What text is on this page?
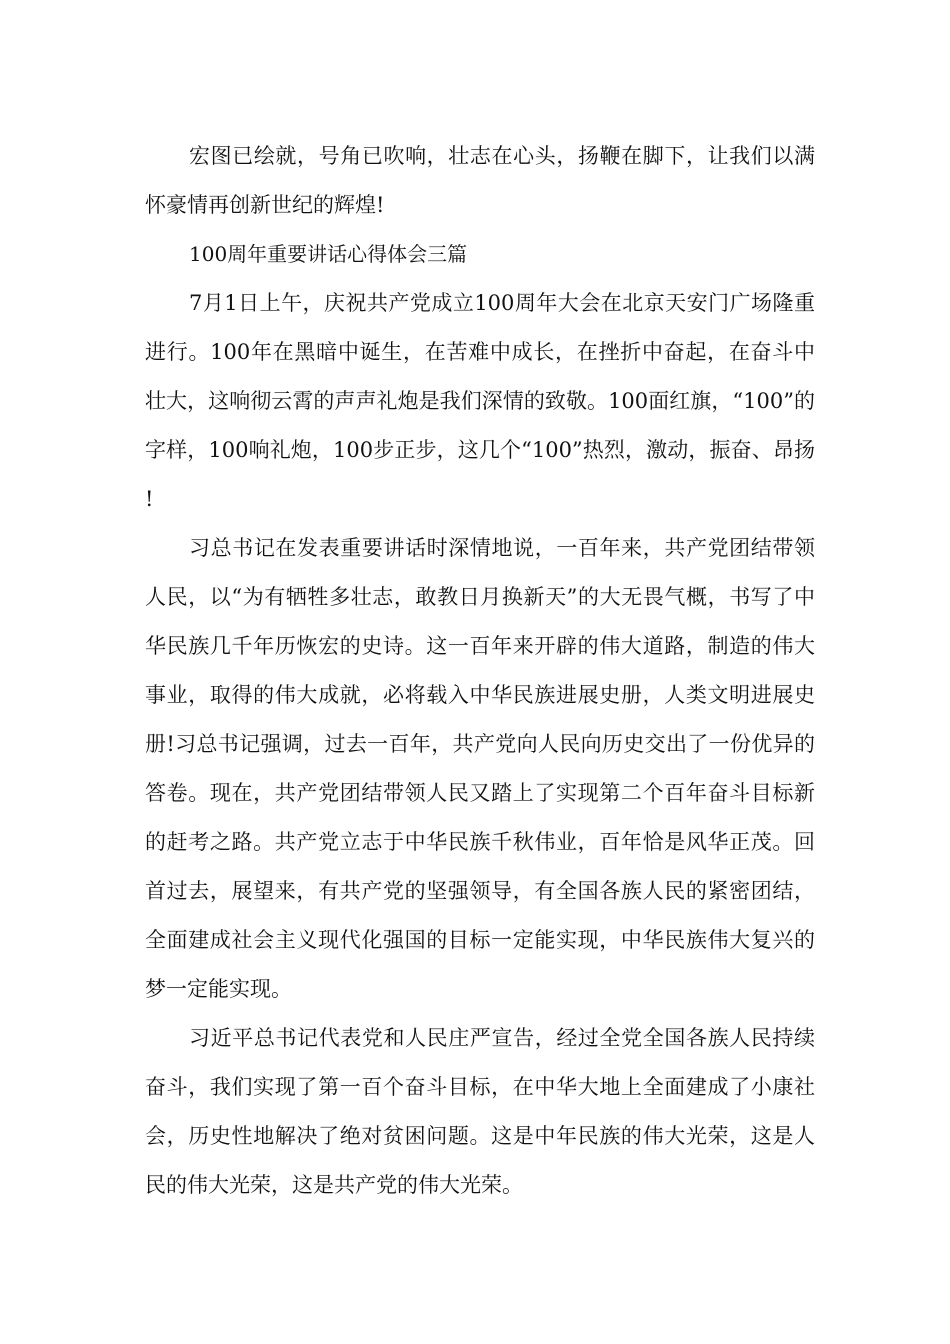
宏图已绘就，号角已吹响，壮志在心头，扬鞭在脚下，让我们以满怀豪情再创新世纪的辉煌!

100周年重要讲话心得体会三篇

7月1日上午，庆祝共产党成立100周年大会在北京天安门广场隆重进行。100年在黑暗中诞生，在苦难中成长，在挫折中奋起，在奋斗中壮大，这响彻云霄的声声礼炮是我们深情的致敬。100面红旗，“100”的字样，100响礼炮，100步正步，这几个“100”热烈，激动，振奋、昂扬!

习总书记在发表重要讲话时深情地说，一百年来，共产党团结带领人民，以“为有牺牲多壮志，敢教日月换新天”的大无畏气概，书写了中华民族几千年历恢宏的史诗。这一百年来开辟的伟大道路，制造的伟大事业，取得的伟大成就，必将载入中华民族进展史册，人类文明进展史册!习总书记强调，过去一百年，共产党向人民向历史交出了一份优异的答卷。现在，共产党团结带领人民又踏上了实现第二个百年奋斗目标新的赶考之路。共产党立志于中华民族千秋伟业，百年恰是风华正茂。回首过去，展望来，有共产党的坚强领导，有全国各族人民的紧密团结，全面建成社会主义现代化强国的目标一定能实现，中华民族伟大复兴的梦一定能实现。

习近平总书记代表党和人民庄严宣告，经过全党全国各族人民持续奋斗，我们实现了第一百个奋斗目标，在中华大地上全面建成了小康社会，历史性地解决了绝对贫困问题。这是中年民族的伟大光荣，这是人民的伟大光荣，这是共产党的伟大光荣。
